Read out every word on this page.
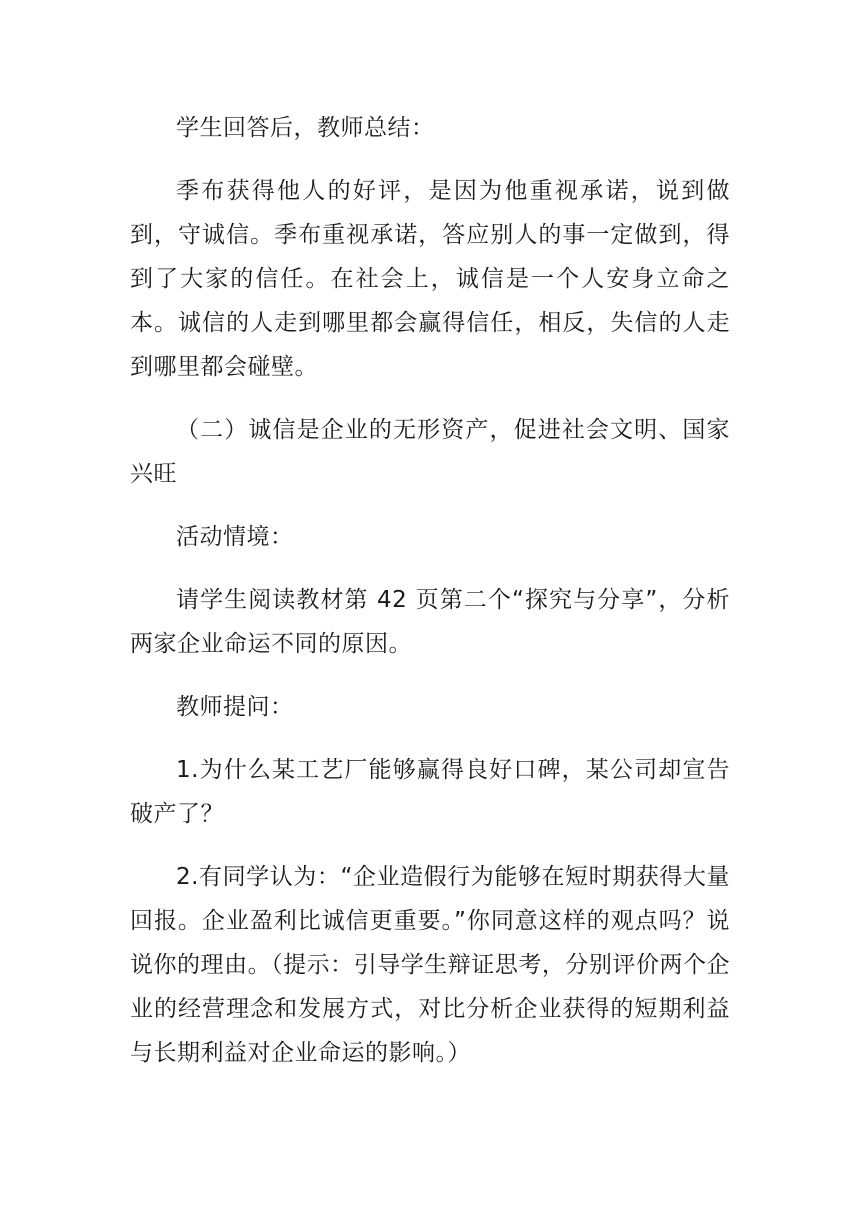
学生回答后，教师总结：

季布获得他人的好评，是因为他重视承诺，说到做到，守诚信。季布重视承诺，答应别人的事一定做到，得到了大家的信任。在社会上，诚信是一个人安身立命之本。诚信的人走到哪里都会赢得信任，相反，失信的人走到哪里都会碰壁。

（二）诚信是企业的无形资产，促进社会文明、国家兴旺

活动情境：

请学生阅读教材第 42 页第二个“探究与分享”，分析两家企业命运不同的原因。

教师提问：

1.为什么某工艺厂能够赢得良好口碑，某公司却宣告破产了？

2.有同学认为：“企业造假行为能够在短时期获得大量回报。企业盈利比诚信更重要。”你同意这样的观点吗？说说你的理由。（提示：引导学生辩证思考，分别评价两个企业的经营理念和发展方式，对比分析企业获得的短期利益与长期利益对企业命运的影响。）
